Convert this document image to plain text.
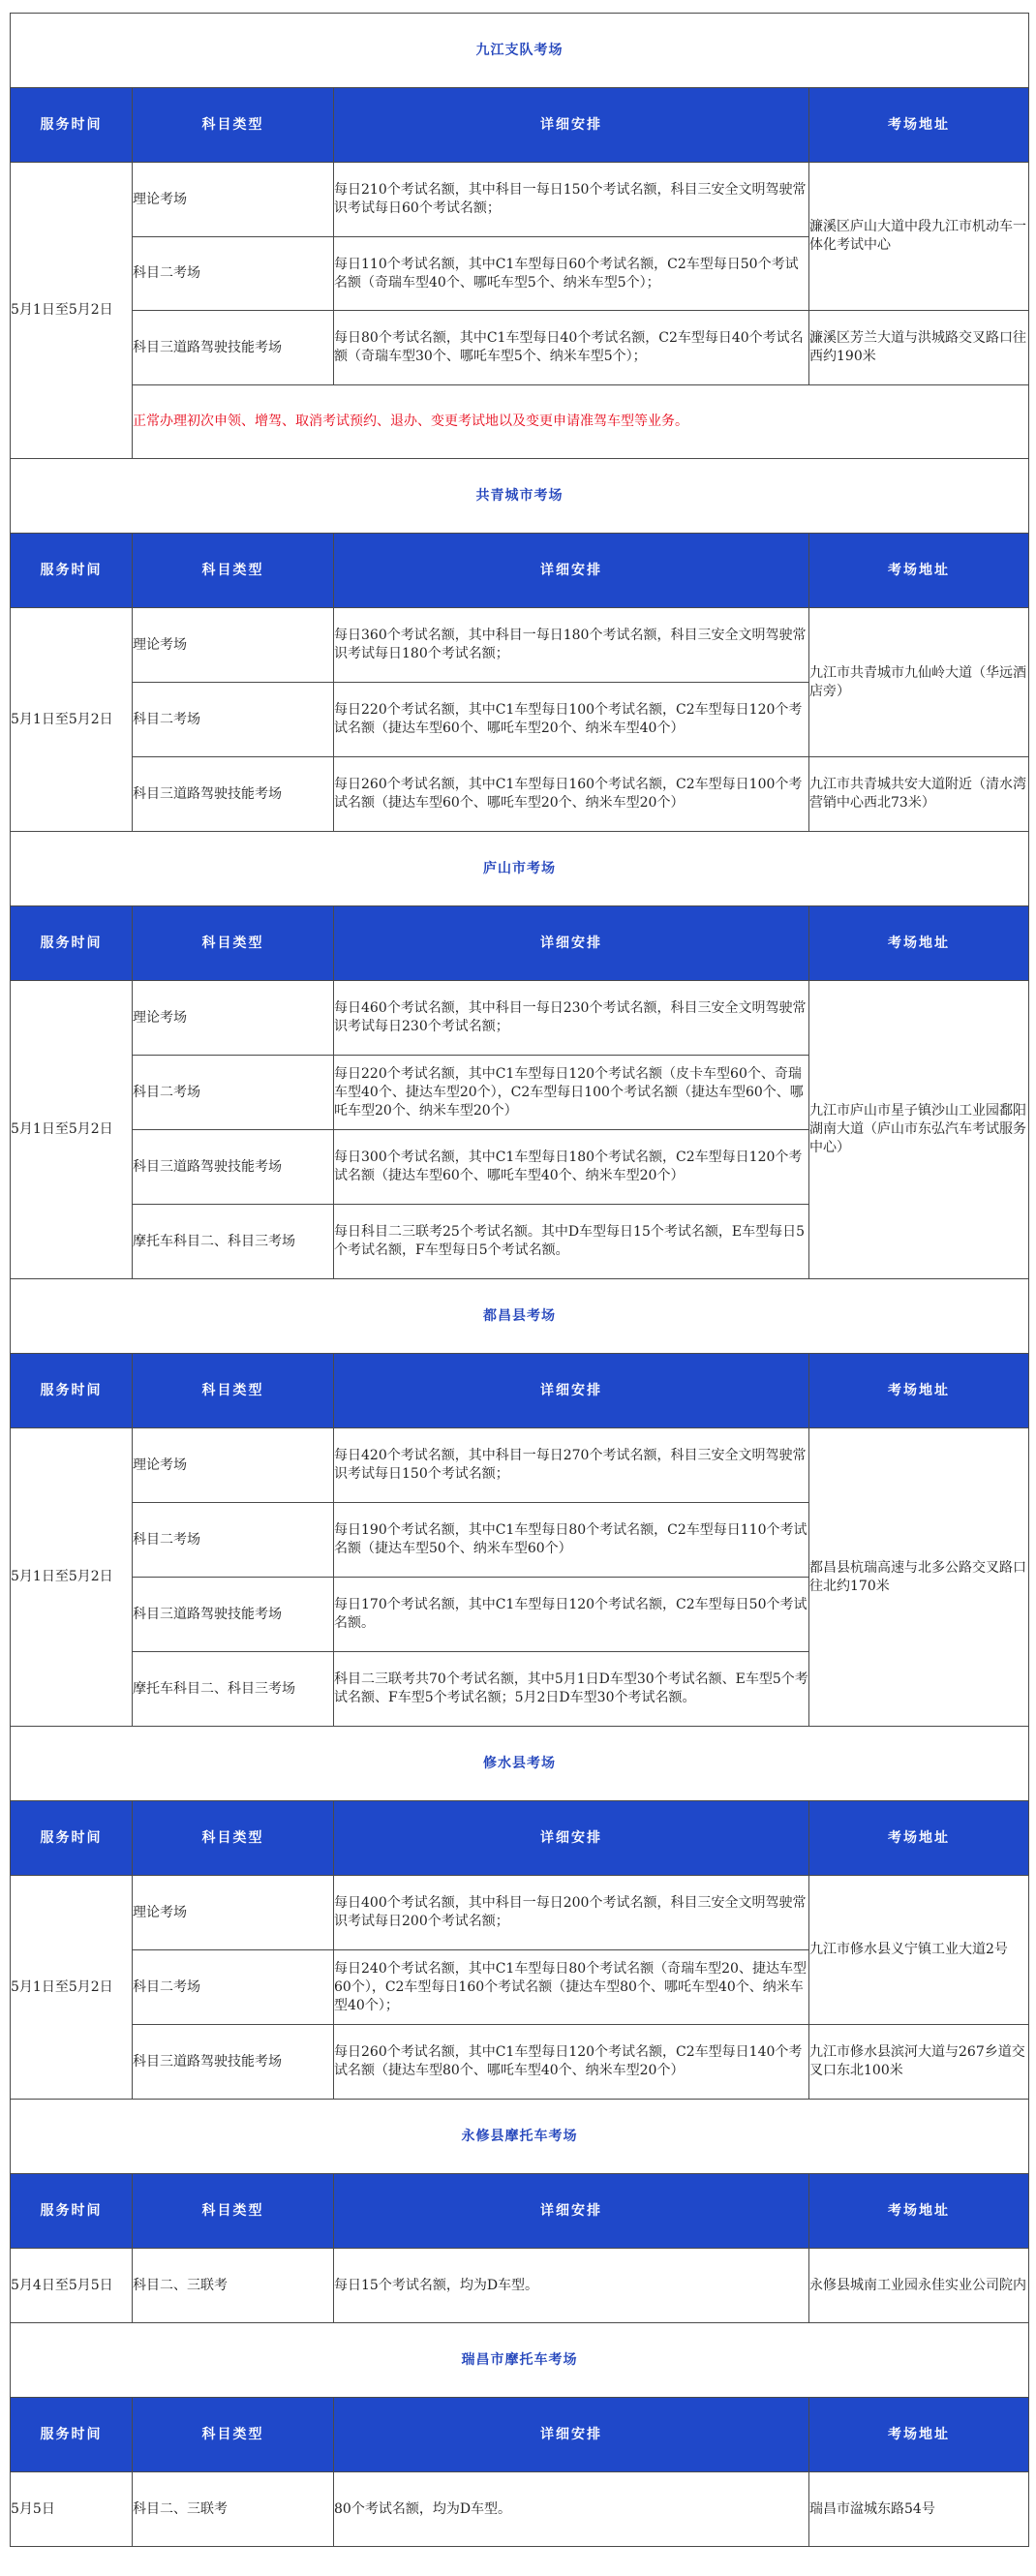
九江支队考场			
服务时间	科目类型	详细安排	考场地址
5月1日至5月2日	理论考场	每日210个考试名额，其中科目一每日150个考试名额，科目三安全文明驾驶常识考试每日60个考试名额；	濂溪区庐山大道中段九江市机动车一体化考试中心
	科目二考场	每日110个考试名额，其中C1车型每日60个考试名额，C2车型每日50个考试名额（奇瑞车型40个、哪吒车型5个、纳米车型5个）；	
	科目三道路驾驶技能考场	每日80个考试名额，其中C1车型每日40个考试名额，C2车型每日40个考试名额（奇瑞车型30个、哪吒车型5个、纳米车型5个）；	濂溪区芳兰大道与洪城路交叉路口往西约190米
	正常办理初次申领、增驾、取消考试预约、退办、变更考试地以及变更申请准驾车型等业务。		
共青城市考场			
服务时间	科目类型	详细安排	考场地址
5月1日至5月2日	理论考场	每日360个考试名额，其中科目一每日180个考试名额，科目三安全文明驾驶常识考试每日180个考试名额；	九江市共青城市九仙岭大道（华远酒店旁）
	科目二考场	每日220个考试名额，其中C1车型每日100个考试名额，C2车型每日120个考试名额（捷达车型60个、哪吒车型20个、纳米车型40个）	
	科目三道路驾驶技能考场	每日260个考试名额，其中C1车型每日160个考试名额，C2车型每日100个考试名额（捷达车型60个、哪吒车型20个、纳米车型20个）	九江市共青城共安大道附近（清水湾营销中心西北73米）
庐山市考场			
服务时间	科目类型	详细安排	考场地址
5月1日至5月2日	理论考场	每日460个考试名额，其中科目一每日230个考试名额，科目三安全文明驾驶常识考试每日230个考试名额；	九江市庐山市星子镇沙山工业园鄱阳湖南大道（庐山市东弘汽车考试服务中心）
	科目二考场	每日220个考试名额，其中C1车型每日120个考试名额（皮卡车型60个、奇瑞车型40个、捷达车型20个），C2车型每日100个考试名额（捷达车型60个、哪吒车型20个、纳米车型20个）	
	科目三道路驾驶技能考场	每日300个考试名额，其中C1车型每日180个考试名额，C2车型每日120个考试名额（捷达车型60个、哪吒车型40个、纳米车型20个）	
	摩托车科目二、科目三考场	每日科目二三联考25个考试名额。其中D车型每日15个考试名额，E车型每日5个考试名额，F车型每日5个考试名额。	
都昌县考场			
服务时间	科目类型	详细安排	考场地址
5月1日至5月2日	理论考场	每日420个考试名额，其中科目一每日270个考试名额，科目三安全文明驾驶常识考试每日150个考试名额；	都昌县杭瑞高速与北多公路交叉路口往北约170米
	科目二考场	每日190个考试名额，其中C1车型每日80个考试名额，C2车型每日110个考试名额（捷达车型50个、纳米车型60个）	
	科目三道路驾驶技能考场	每日170个考试名额，其中C1车型每日120个考试名额，C2车型每日50个考试名额。	
	摩托车科目二、科目三考场	科目二三联考共70个考试名额，其中5月1日D车型30个考试名额、E车型5个考试名额、F车型5个考试名额；5月2日D车型30个考试名额。	
修水县考场			
服务时间	科目类型	详细安排	考场地址
5月1日至5月2日	理论考场	每日400个考试名额，其中科目一每日200个考试名额，科目三安全文明驾驶常识考试每日200个考试名额；	九江市修水县义宁镇工业大道2号
	科目二考场	每日240个考试名额，其中C1车型每日80个考试名额（奇瑞车型20、捷达车型60个），C2车型每日160个考试名额（捷达车型80个、哪吒车型40个、纳米车型40个）；	
	科目三道路驾驶技能考场	每日260个考试名额，其中C1车型每日120个考试名额，C2车型每日140个考试名额（捷达车型80个、哪吒车型40个、纳米车型20个）	九江市修水县滨河大道与267乡道交叉口东北100米
永修县摩托车考场			
服务时间	科目类型	详细安排	考场地址
5月4日至5月5日	科目二、三联考	每日15个考试名额，均为D车型。	永修县城南工业园永佳实业公司院内
瑞昌市摩托车考场			
服务时间	科目类型	详细安排	考场地址
5月5日	科目二、三联考	80个考试名额，均为D车型。	瑞昌市湓城东路54号
